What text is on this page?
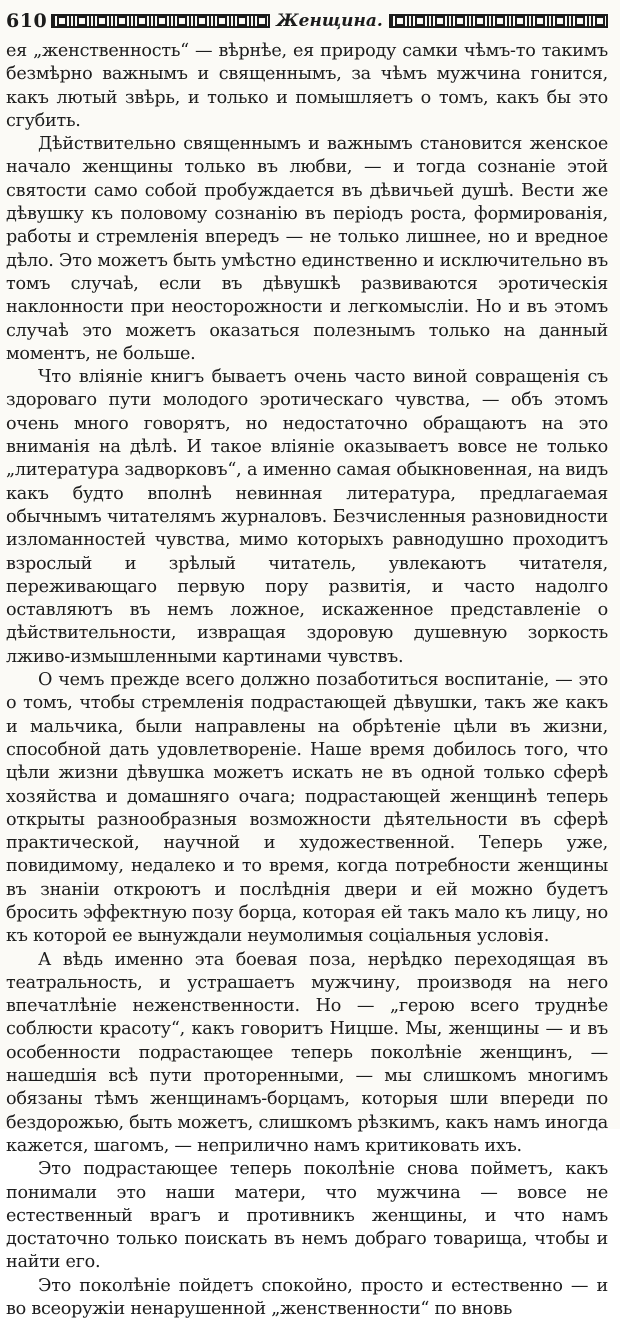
610	Женщина.

ея „женственность“ — вѣрнѣе, ея природу самки чѣмъ-то такимъ безмѣрно важнымъ и священнымъ, за чѣмъ мужчина гонится, какъ лютый звѣрь, и только и помышляетъ о томъ, какъ бы это сгубить.

Дѣйствительно священнымъ и важнымъ становится женское начало женщины только въ любви, — и тогда сознаніе этой святости само собой пробуждается въ дѣвичьей душѣ. Вести же дѣвушку къ половому сознанію въ періодъ роста, формированія, работы и стремленія впередъ — не только лишнее, но и вредное дѣло. Это можетъ быть умѣстно единственно и исключительно въ томъ случаѣ, если въ дѣвушкѣ развиваются эротическія наклонности при неосторожности и легкомысліи. Но и въ этомъ случаѣ это можетъ оказаться полезнымъ только на данный моментъ, не больше.

Что вліяніе книгъ бываетъ очень часто виной совращенія съ здороваго пути молодого эротическаго чувства, — объ этомъ очень много говорятъ, но недостаточно обращаютъ на это вниманія на дѣлѣ. И такое вліяніе оказываетъ вовсе не только „литература задворковъ“, а именно самая обыкновенная, на видъ какъ будто вполнѣ невинная литература, предлагаемая обычнымъ читателямъ журналовъ. Безчисленныя разновидности изломанностей чувства, мимо которыхъ равнодушно проходитъ взрослый и зрѣлый читатель, увлекаютъ читателя, переживающаго первую пору развитія, и часто надолго оставляютъ въ немъ ложное, искаженное представленіе о дѣйствительности, извращая здоровую душевную зоркость лживо-измышленными картинами чувствъ.

О чемъ прежде всего должно позаботиться воспитаніе, — это о томъ, чтобы стремленія подрастающей дѣвушки, такъ же какъ и мальчика, были направлены на обрѣтеніе цѣли въ жизни, способной дать удовлетвореніе. Наше время добилось того, что цѣли жизни дѣвушка можетъ искать не въ одной только сферѣ хозяйства и домашняго очага; подрастающей женщинѣ теперь открыты разнообразныя возможности дѣятельности въ сферѣ практической, научной и художественной. Теперь уже, повидимому, недалеко и то время, когда потребности женщины въ знаніи откроютъ и послѣднія двери и ей можно будетъ бросить эффектную позу борца, которая ей такъ мало къ лицу, но къ которой ее вынуждали неумолимыя соціальныя условія.

А вѣдь именно эта боевая поза, нерѣдко переходящая въ театральность, и устрашаетъ мужчину, производя на него впечатлѣніе неженственности. Но — „герою всего труднѣе соблюсти красоту“, какъ говоритъ Ницше. Мы, женщины — и въ особенности подрастающее теперь поколѣніе женщинъ, — нашедшія всѣ пути проторенными, — мы слишкомъ многимъ обязаны тѣмъ женщинамъ-борцамъ, которыя шли впереди по бездорожью, быть можетъ, слишкомъ рѣзкимъ, какъ намъ иногда кажется, шагомъ, — неприлично намъ критиковать ихъ.

Это подрастающее теперь поколѣніе снова пойметъ, какъ понимали это наши матери, что мужчина — вовсе не естественный врагъ и противникъ женщины, и что намъ достаточно только поискать въ немъ добраго товарища, чтобы и найти его.

Это поколѣніе пойдетъ спокойно, просто и естественно — и во всеоружіи ненарушенной „женственности“ по вновь
